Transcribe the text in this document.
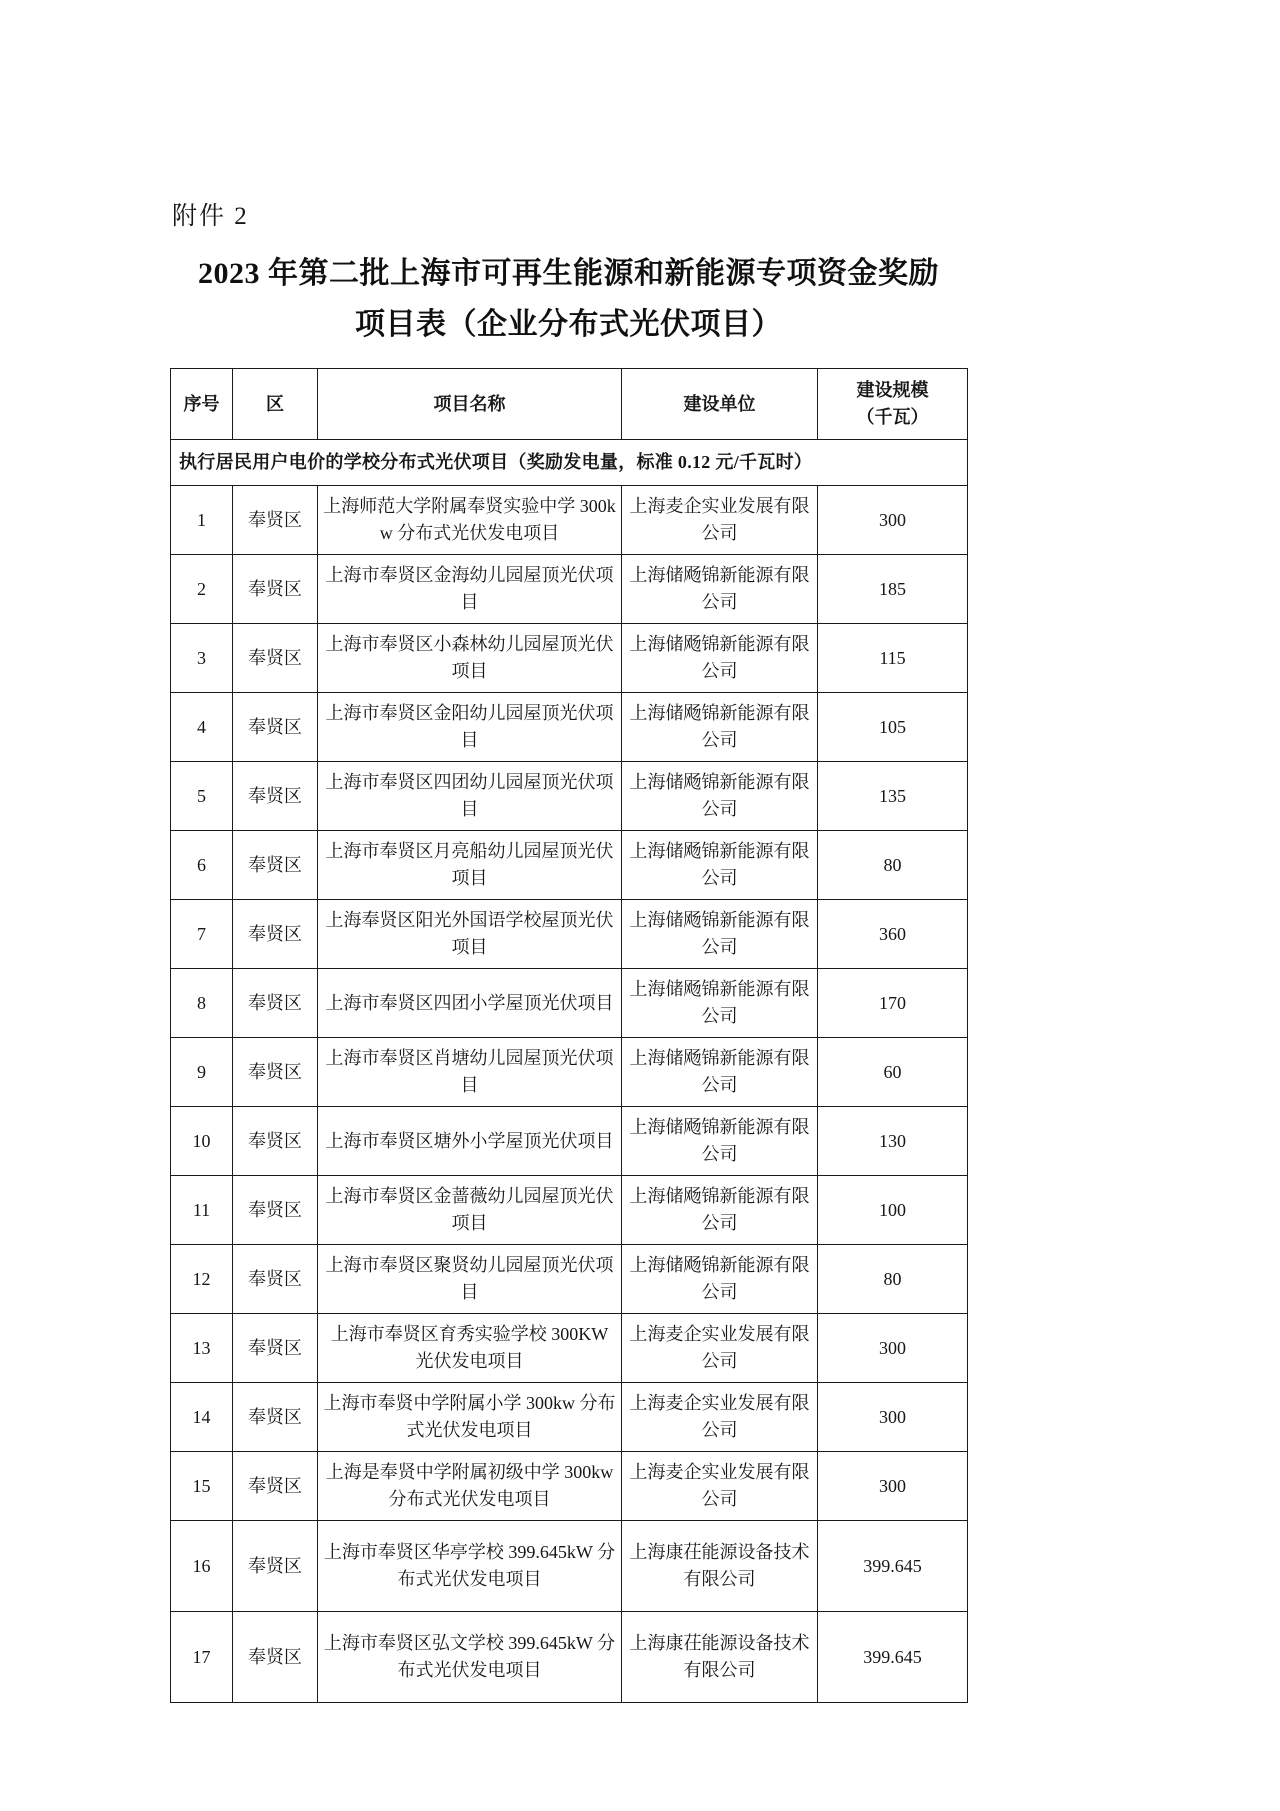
附件 2
2023 年第二批上海市可再生能源和新能源专项资金奖励
项目表（企业分布式光伏项目）
序号	区	项目名称	建设单位	建设规模
（千瓦）
执行居民用户电价的学校分布式光伏项目（奖励发电量，标准 0.12 元/千瓦时）				
1	奉贤区	上海师范大学附属奉贤实验中学 300kw 分布式光伏发电项目	上海麦企实业发展有限公司	300
2	奉贤区	上海市奉贤区金海幼儿园屋顶光伏项目	上海储飏锦新能源有限公司	185
3	奉贤区	上海市奉贤区小森林幼儿园屋顶光伏项目	上海储飏锦新能源有限公司	115
4	奉贤区	上海市奉贤区金阳幼儿园屋顶光伏项目	上海储飏锦新能源有限公司	105
5	奉贤区	上海市奉贤区四团幼儿园屋顶光伏项目	上海储飏锦新能源有限公司	135
6	奉贤区	上海市奉贤区月亮船幼儿园屋顶光伏项目	上海储飏锦新能源有限公司	80
7	奉贤区	上海奉贤区阳光外国语学校屋顶光伏项目	上海储飏锦新能源有限公司	360
8	奉贤区	上海市奉贤区四团小学屋顶光伏项目	上海储飏锦新能源有限公司	170
9	奉贤区	上海市奉贤区肖塘幼儿园屋顶光伏项目	上海储飏锦新能源有限公司	60
10	奉贤区	上海市奉贤区塘外小学屋顶光伏项目	上海储飏锦新能源有限公司	130
11	奉贤区	上海市奉贤区金蔷薇幼儿园屋顶光伏项目	上海储飏锦新能源有限公司	100
12	奉贤区	上海市奉贤区聚贤幼儿园屋顶光伏项目	上海储飏锦新能源有限公司	80
13	奉贤区	上海市奉贤区育秀实验学校 300KW 光伏发电项目	上海麦企实业发展有限公司	300
14	奉贤区	上海市奉贤中学附属小学 300kw 分布式光伏发电项目	上海麦企实业发展有限公司	300
15	奉贤区	上海是奉贤中学附属初级中学 300kw 分布式光伏发电项目	上海麦企实业发展有限公司	300
16	奉贤区	上海市奉贤区华亭学校 399.645kW 分布式光伏发电项目	上海康茌能源设备技术有限公司	399.645
17	奉贤区	上海市奉贤区弘文学校 399.645kW 分布式光伏发电项目	上海康茌能源设备技术有限公司	399.645
